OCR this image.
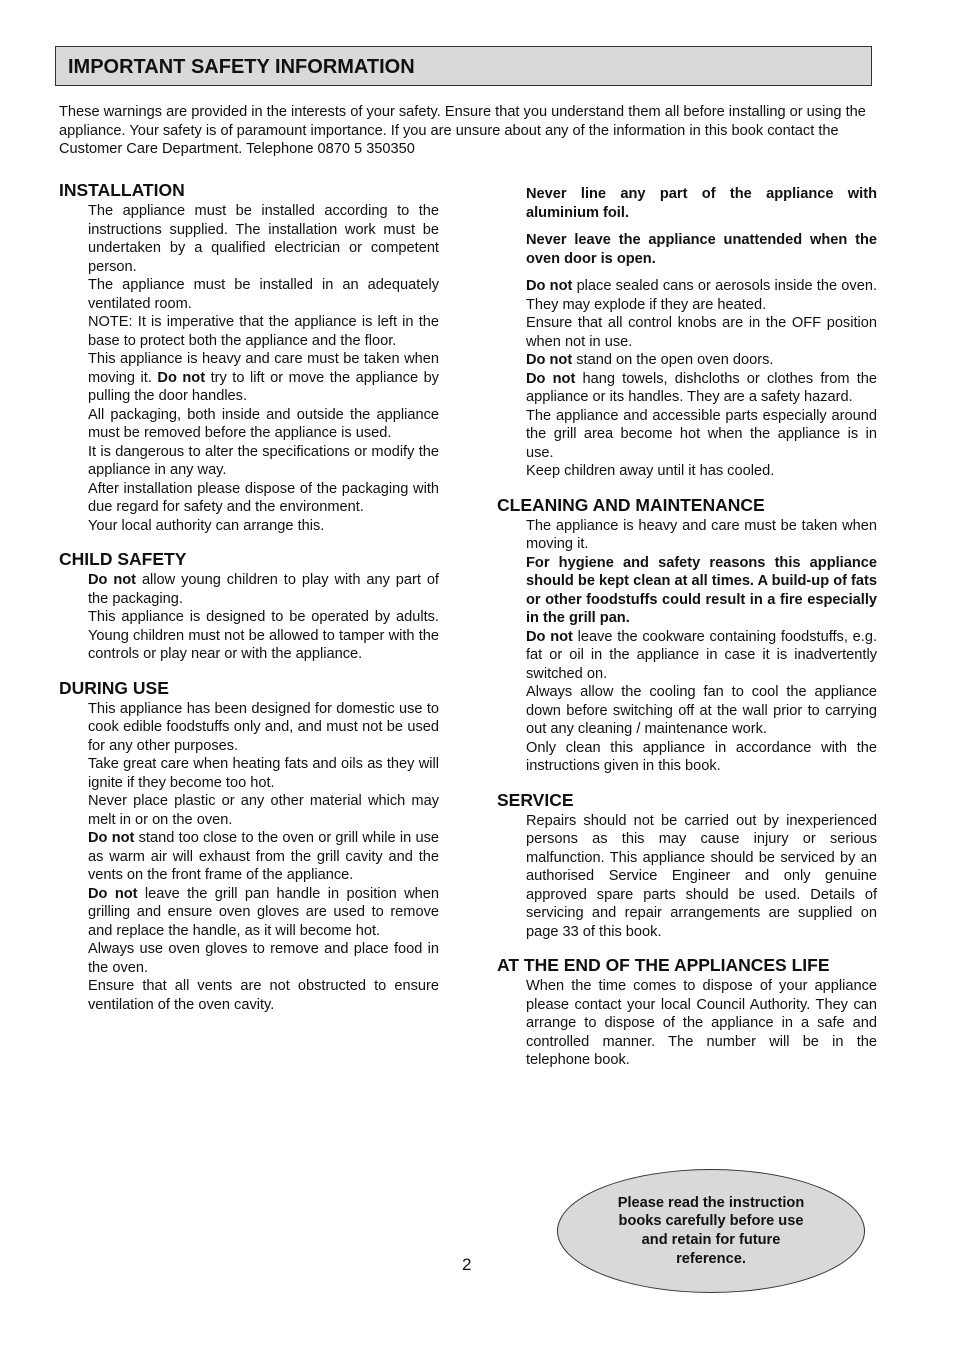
IMPORTANT SAFETY INFORMATION

These warnings are provided in the interests of your safety. Ensure that you understand them all before installing or using the appliance. Your safety is of paramount importance. If you are unsure about any of the information in this book contact the Customer Care Department. Telephone 0870 5 350350

INSTALLATION

The appliance must be installed according to the instructions supplied. The installation work must be undertaken by a qualified electrician or competent person.

The appliance must be installed in an adequately ventilated room.

NOTE: It is imperative that the appliance is left in the base to protect both the appliance and the floor.

This appliance is heavy and care must be taken when moving it. Do not try to lift or move the appliance by pulling the door handles.

All packaging, both inside and outside the appliance must be removed before the appliance is used.

It is dangerous to alter the specifications or modify the appliance in any way.

After installation please dispose of the packaging with due regard for safety and the environment.

Your local authority can arrange this.

CHILD SAFETY

Do not allow young children to play with any part of the packaging.

This appliance is designed to be operated by adults. Young children must not be allowed to tamper with the controls or play near or with the appliance.

DURING USE

This appliance has been designed for domestic use to cook edible foodstuffs only and, and must not be used for any other purposes.

Take great care when heating fats and oils as they will ignite if they become too hot.

Never place plastic or any other material which may melt in or on the oven.

Do not stand too close to the oven or grill while in use as warm air will exhaust from the grill cavity and the vents on the front frame of the appliance.

Do not leave the grill pan handle in position when grilling and ensure oven gloves are used to remove and replace the handle, as it will become hot.

Always use oven gloves to remove and place food in the oven.

Ensure that all vents are not obstructed to ensure ventilation of the oven cavity.

Never line any part of the appliance with aluminium foil.

Never leave the appliance unattended when the oven door is open.

Do not place sealed cans or aerosols inside the oven. They may explode if they are heated.

Ensure that all control knobs are in the OFF position when not in use.

Do not stand on the open oven doors.

Do not hang towels, dishcloths or clothes from the appliance or its handles. They are a safety hazard.

The appliance and accessible parts especially around the grill area become hot when the appliance is in use.

Keep children away until it has cooled.

CLEANING AND MAINTENANCE

The appliance is heavy and care must be taken when moving it.

For hygiene and safety reasons this appliance should be kept clean at all times. A build-up of fats or other foodstuffs could result in a fire especially in the grill pan.

Do not leave the cookware containing foodstuffs, e.g. fat or oil in the appliance in case it is inadvertently switched on.

Always allow the cooling fan to cool the appliance down before switching off at the wall prior to carrying out any cleaning / maintenance work.

Only clean this appliance in accordance with the instructions given in this book.

SERVICE

Repairs should not be carried out by inexperienced persons as this may cause injury or serious malfunction. This appliance should be serviced by an authorised Service Engineer and only genuine approved spare parts should be used. Details of servicing and repair arrangements are supplied on page 33 of this book.

AT THE END OF THE APPLIANCES LIFE

When the time comes to dispose of your appliance please contact your local Council Authority. They can arrange to dispose of the appliance in a safe and controlled manner. The number will be in the telephone book.

Please read the instruction books carefully before use and retain for future reference.

2
